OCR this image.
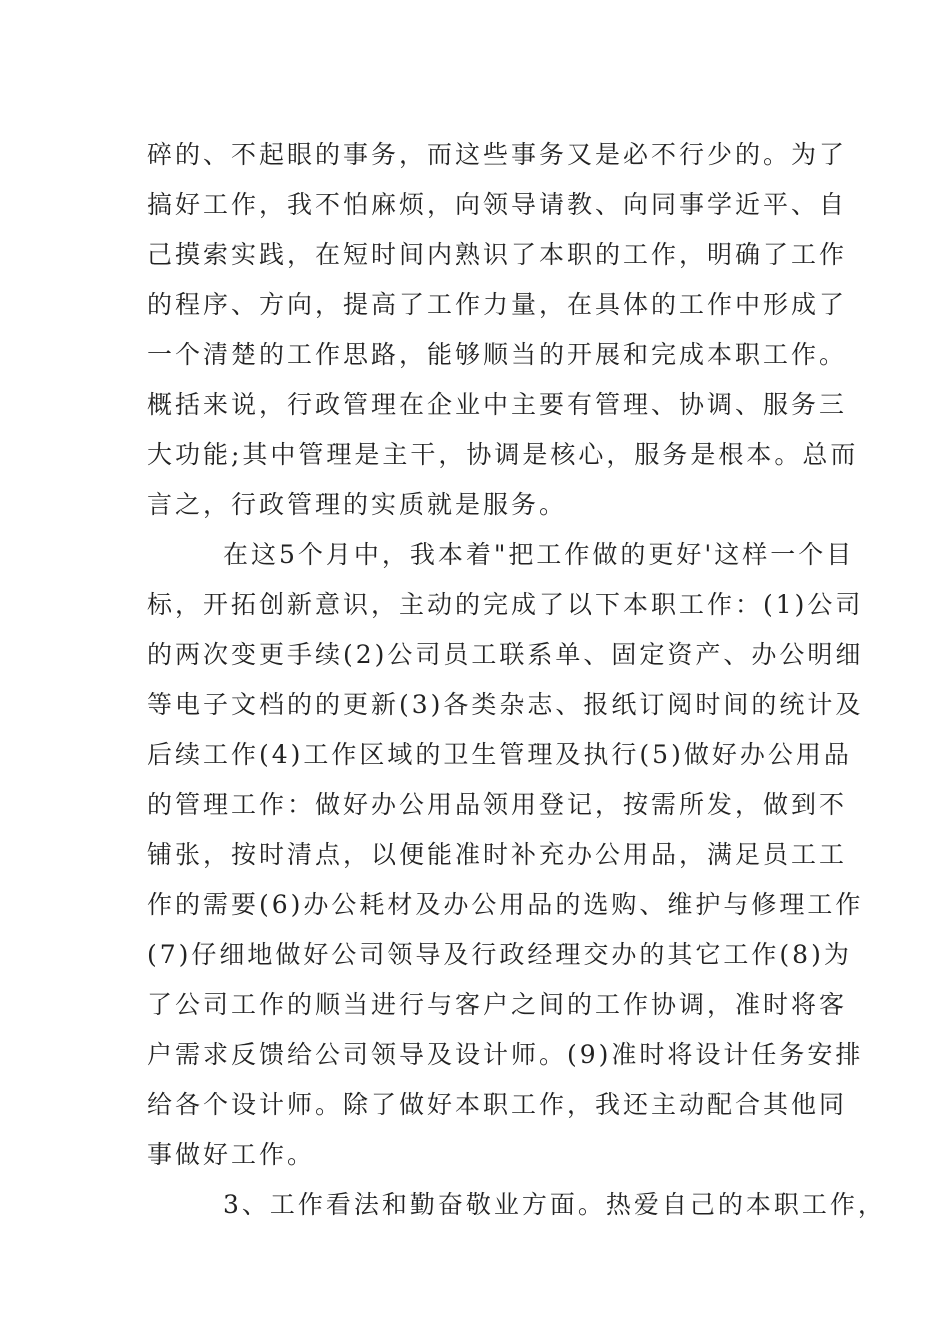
碎的、不起眼的事务，而这些事务又是必不行少的。为了
搞好工作，我不怕麻烦，向领导请教、向同事学近平、自
己摸索实践，在短时间内熟识了本职的工作，明确了工作
的程序、方向，提高了工作力量，在具体的工作中形成了
一个清楚的工作思路，能够顺当的开展和完成本职工作。
概括来说，行政管理在企业中主要有管理、协调、服务三
大功能;其中管理是主干，协调是核心，服务是根本。总而
言之，行政管理的实质就是服务。
在这5个月中，我本着"把工作做的更好'这样一个目
标，开拓创新意识，主动的完成了以下本职工作：(1)公司
的两次变更手续(2)公司员工联系单、固定资产、办公明细
等电子文档的的更新(3)各类杂志、报纸订阅时间的统计及
后续工作(4)工作区域的卫生管理及执行(5)做好办公用品
的管理工作：做好办公用品领用登记，按需所发，做到不
铺张，按时清点，以便能准时补充办公用品，满足员工工
作的需要(6)办公耗材及办公用品的选购、维护与修理工作
(7)仔细地做好公司领导及行政经理交办的其它工作(8)为
了公司工作的顺当进行与客户之间的工作协调，准时将客
户需求反馈给公司领导及设计师。(9)准时将设计任务安排
给各个设计师。除了做好本职工作，我还主动配合其他同
事做好工作。
3、工作看法和勤奋敬业方面。热爱自己的本职工作，
